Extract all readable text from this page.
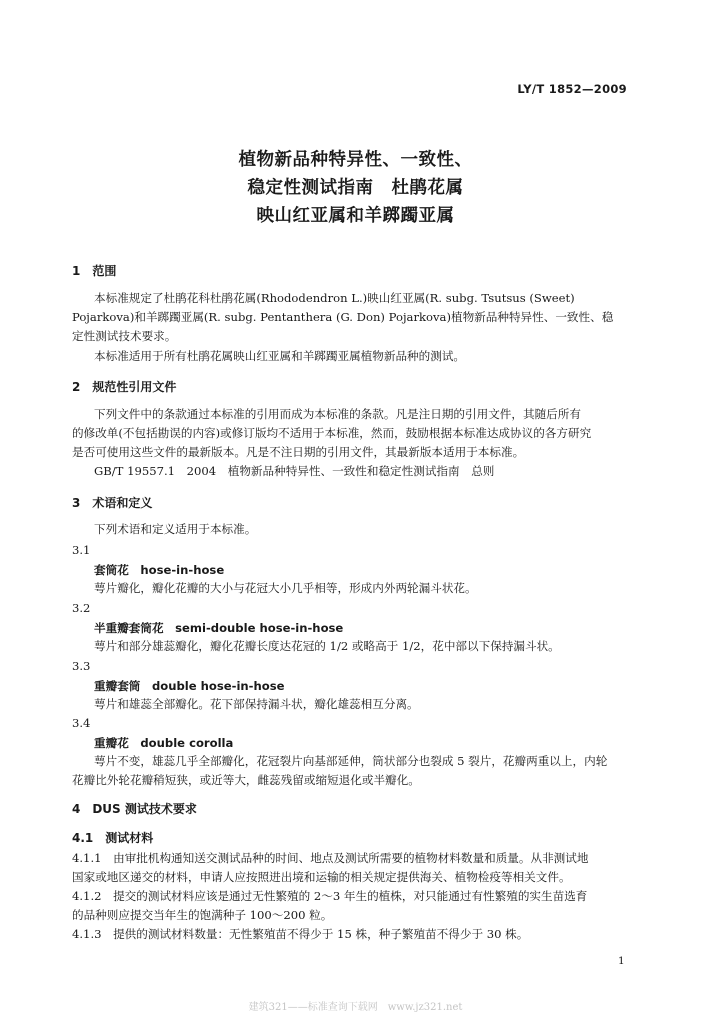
LY/T 1852—2009
植物新品种特异性、一致性、
稳定性测试指南　杜鹃花属
映山红亚属和羊踯躅亚属
1　范围
本标准规定了杜鹃花科杜鹃花属(Rhododendron L.)映山红亚属(R. subg. Tsutsus (Sweet)
Pojarkova)和羊踯躅亚属(R. subg. Pentanthera (G. Don) Pojarkova)植物新品种特异性、一致性、稳
定性测试技术要求。
本标准适用于所有杜鹃花属映山红亚属和羊踯躅亚属植物新品种的测试。
2　规范性引用文件
下列文件中的条款通过本标准的引用而成为本标准的条款。凡是注日期的引用文件，其随后所有
的修改单(不包括勘误的内容)或修订版均不适用于本标准，然而，鼓励根据本标准达成协议的各方研究
是否可使用这些文件的最新版本。凡是不注日期的引用文件，其最新版本适用于本标准。
GB/T 19557.1　2004　植物新品种特异性、一致性和稳定性测试指南　总则
3　术语和定义
下列术语和定义适用于本标准。
3.1
套筒花　hose-in-hose
萼片瓣化，瓣化花瓣的大小与花冠大小几乎相等，形成内外两轮漏斗状花。
3.2
半重瓣套筒花　semi-double hose-in-hose
萼片和部分雄蕊瓣化，瓣化花瓣长度达花冠的 1/2 或略高于 1/2，花中部以下保持漏斗状。
3.3
重瓣套筒　double hose-in-hose
萼片和雄蕊全部瓣化。花下部保持漏斗状，瓣化雄蕊相互分离。
3.4
重瓣花　double corolla
萼片不变，雄蕊几乎全部瓣化，花冠裂片向基部延伸，筒状部分也裂成 5 裂片，花瓣两重以上，内轮
花瓣比外轮花瓣稍短狭，或近等大，雌蕊残留或缩短退化或半瓣化。
4　DUS 测试技术要求
4.1　测试材料
4.1.1　由审批机构通知送交测试品种的时间、地点及测试所需要的植物材料数量和质量。从非测试地
国家或地区递交的材料，申请人应按照进出境和运输的相关规定提供海关、植物检疫等相关文件。
4.1.2　提交的测试材料应该是通过无性繁殖的 2～3 年生的植株，对只能通过有性繁殖的实生苗选育
的品种则应提交当年生的饱满种子 100～200 粒。
4.1.3　提供的测试材料数量：无性繁殖苗不得少于 15 株，种子繁殖苗不得少于 30 株。
1
建筑321——标准查询下载网　www.jz321.net
